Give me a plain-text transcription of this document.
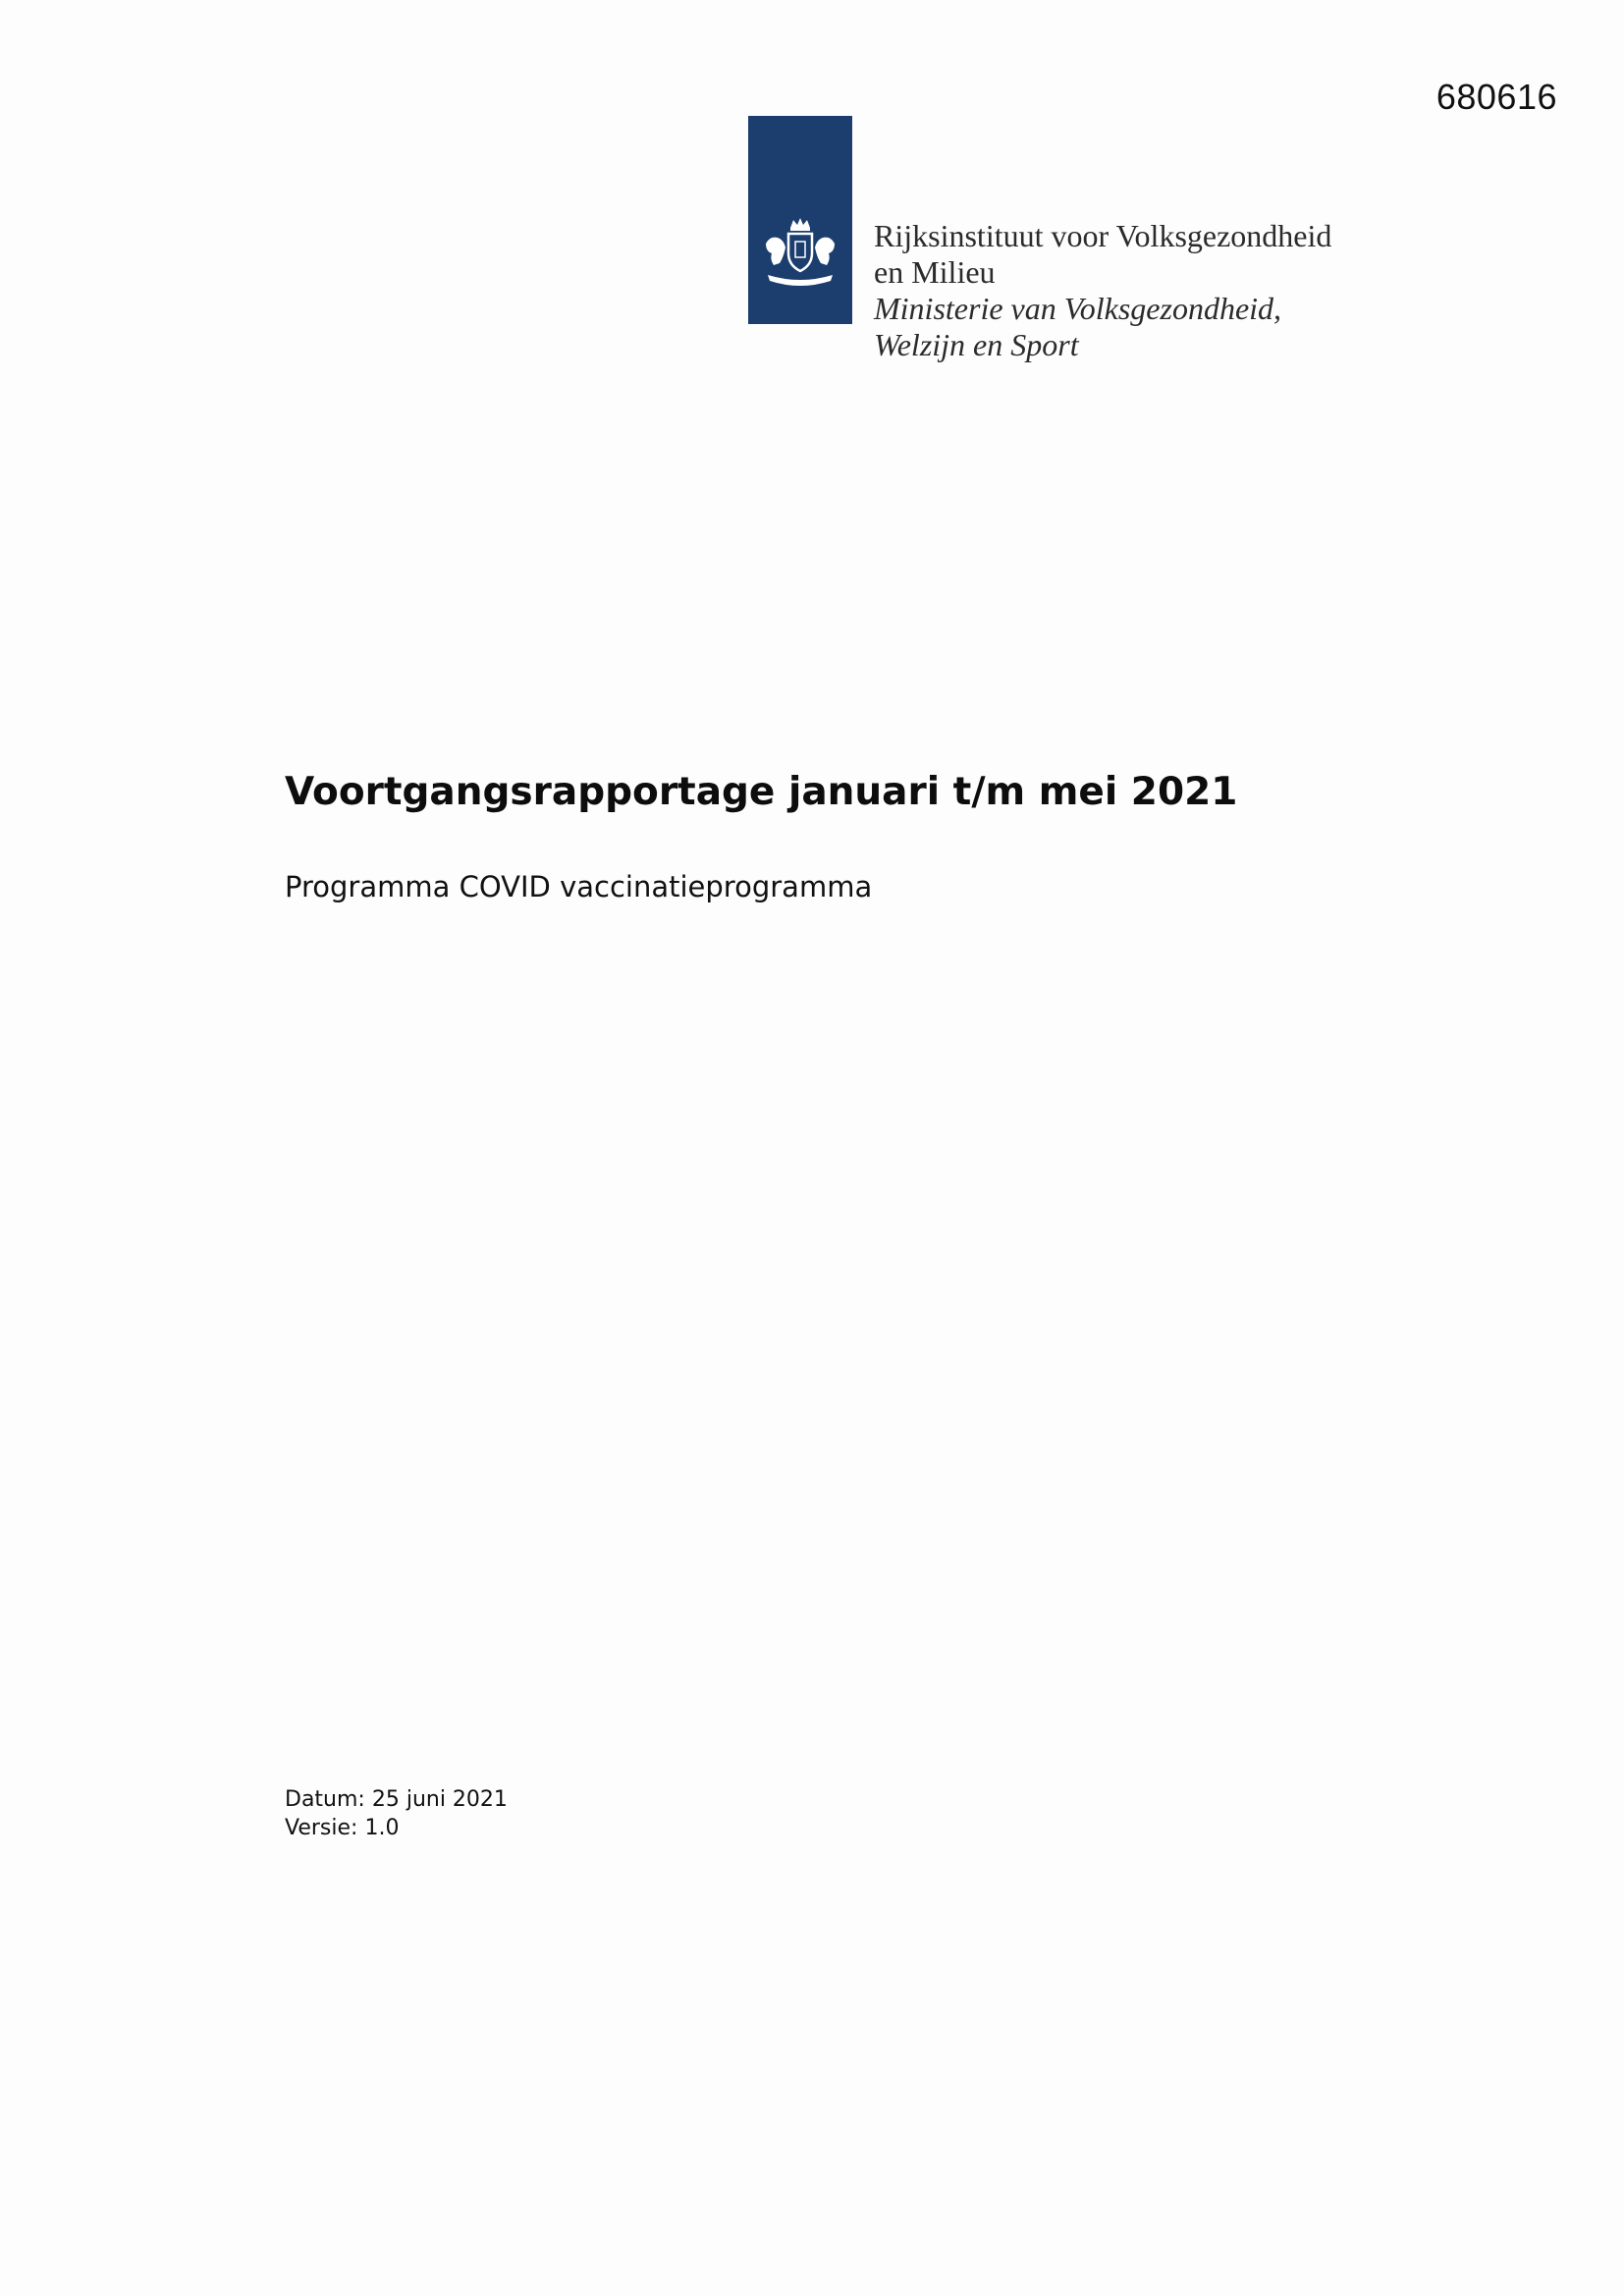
680616
Rijksinstituut voor Volksgezondheid
en Milieu
Ministerie van Volksgezondheid,
Welzijn en Sport
Voortgangsrapportage januari t/m mei 2021
Programma COVID vaccinatieprogramma
Datum: 25 juni 2021
Versie: 1.0
